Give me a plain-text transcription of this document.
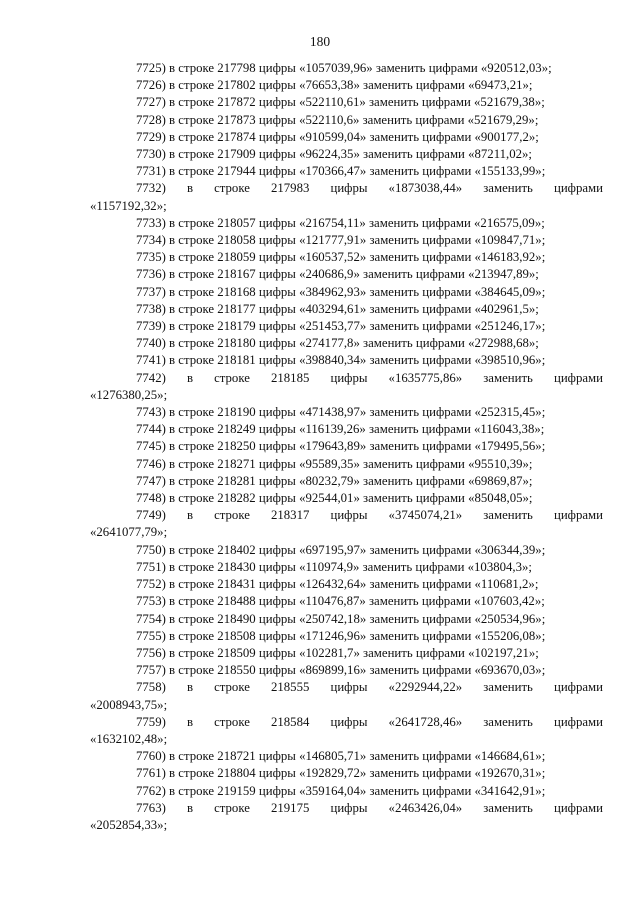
180
7725) в строке 217798 цифры «1057039,96» заменить цифрами «920512,03»;
7726) в строке 217802 цифры «76653,38» заменить цифрами «69473,21»;
7727) в строке 217872 цифры «522110,61» заменить цифрами «521679,38»;
7728) в строке 217873 цифры «522110,6» заменить цифрами «521679,29»;
7729) в строке 217874 цифры «910599,04» заменить цифрами «900177,2»;
7730) в строке 217909 цифры «96224,35» заменить цифрами «87211,02»;
7731) в строке 217944 цифры «170366,47» заменить цифрами «155133,99»;
7732) в строке 217983 цифры «1873038,44» заменить цифрами
«1157192,32»;
7733) в строке 218057 цифры «216754,11» заменить цифрами «216575,09»;
7734) в строке 218058 цифры «121777,91» заменить цифрами «109847,71»;
7735) в строке 218059 цифры «160537,52» заменить цифрами «146183,92»;
7736) в строке 218167 цифры «240686,9» заменить цифрами «213947,89»;
7737) в строке 218168 цифры «384962,93» заменить цифрами «384645,09»;
7738) в строке 218177 цифры «403294,61» заменить цифрами «402961,5»;
7739) в строке 218179 цифры «251453,77» заменить цифрами «251246,17»;
7740) в строке 218180 цифры «274177,8» заменить цифрами «272988,68»;
7741) в строке 218181 цифры «398840,34» заменить цифрами «398510,96»;
7742) в строке 218185 цифры «1635775,86» заменить цифрами
«1276380,25»;
7743) в строке 218190 цифры «471438,97» заменить цифрами «252315,45»;
7744) в строке 218249 цифры «116139,26» заменить цифрами «116043,38»;
7745) в строке 218250 цифры «179643,89» заменить цифрами «179495,56»;
7746) в строке 218271 цифры «95589,35» заменить цифрами «95510,39»;
7747) в строке 218281 цифры «80232,79» заменить цифрами «69869,87»;
7748) в строке 218282 цифры «92544,01» заменить цифрами «85048,05»;
7749) в строке 218317 цифры «3745074,21» заменить цифрами
«2641077,79»;
7750) в строке 218402 цифры «697195,97» заменить цифрами «306344,39»;
7751) в строке 218430 цифры «110974,9» заменить цифрами «103804,3»;
7752) в строке 218431 цифры «126432,64» заменить цифрами «110681,2»;
7753) в строке 218488 цифры «110476,87» заменить цифрами «107603,42»;
7754) в строке 218490 цифры «250742,18» заменить цифрами «250534,96»;
7755) в строке 218508 цифры «171246,96» заменить цифрами «155206,08»;
7756) в строке 218509 цифры «102281,7» заменить цифрами «102197,21»;
7757) в строке 218550 цифры «869899,16» заменить цифрами «693670,03»;
7758) в строке 218555 цифры «2292944,22» заменить цифрами
«2008943,75»;
7759) в строке 218584 цифры «2641728,46» заменить цифрами
«1632102,48»;
7760) в строке 218721 цифры «146805,71» заменить цифрами «146684,61»;
7761) в строке 218804 цифры «192829,72» заменить цифрами «192670,31»;
7762) в строке 219159 цифры «359164,04» заменить цифрами «341642,91»;
7763) в строке 219175 цифры «2463426,04» заменить цифрами
«2052854,33»;
